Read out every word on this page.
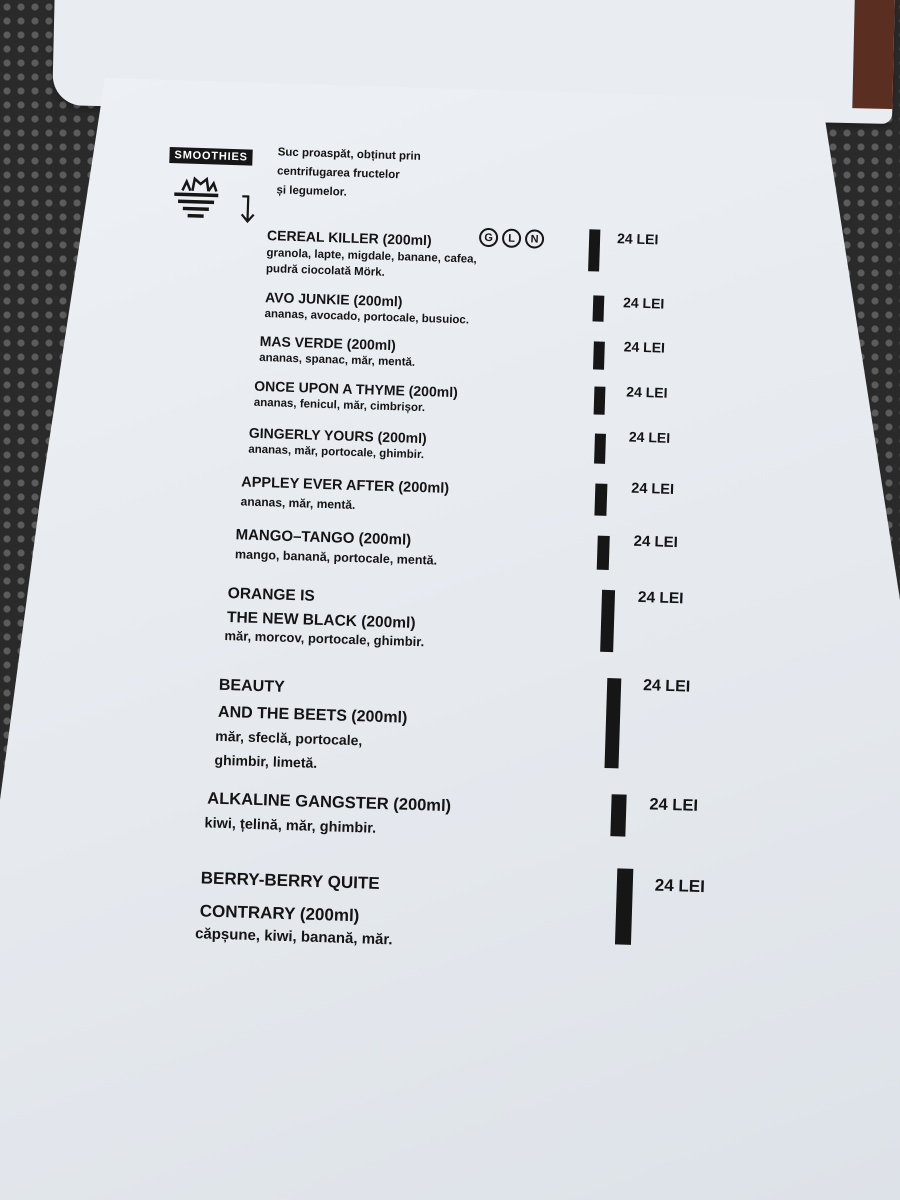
SMOOTHIES	Suc proaspăt, obținut prin
centrifugarea fructelor
și legumelor.
CEREAL KILLER (200ml)	G	L	N
granola, lapte, migdale, banane, cafea,
pudră ciocolată Mörk.
24 LEI
AVO JUNKIE (200ml)
ananas, avocado, portocale, busuioc.
24 LEI
MAS VERDE (200ml)
ananas, spanac, măr, mentă.
24 LEI
ONCE UPON A THYME (200ml)
ananas, fenicul, măr, cimbrișor.
24 LEI
GINGERLY YOURS (200ml)
ananas, măr, portocale, ghimbir.
24 LEI
APPLEY EVER AFTER (200ml)
ananas, măr, mentă.
24 LEI
MANGO–TANGO (200ml)
mango, banană, portocale, mentă.
24 LEI
ORANGE IS
THE NEW BLACK (200ml)
măr, morcov, portocale, ghimbir.
24 LEI
BEAUTY
AND THE BEETS (200ml)
măr, sfeclă, portocale,
ghimbir, limetă.
24 LEI
ALKALINE GANGSTER (200ml)
kiwi, țelină, măr, ghimbir.
24 LEI
BERRY-BERRY QUITE
CONTRARY (200ml)
căpșune, kiwi, banană, măr.
24 LEI
